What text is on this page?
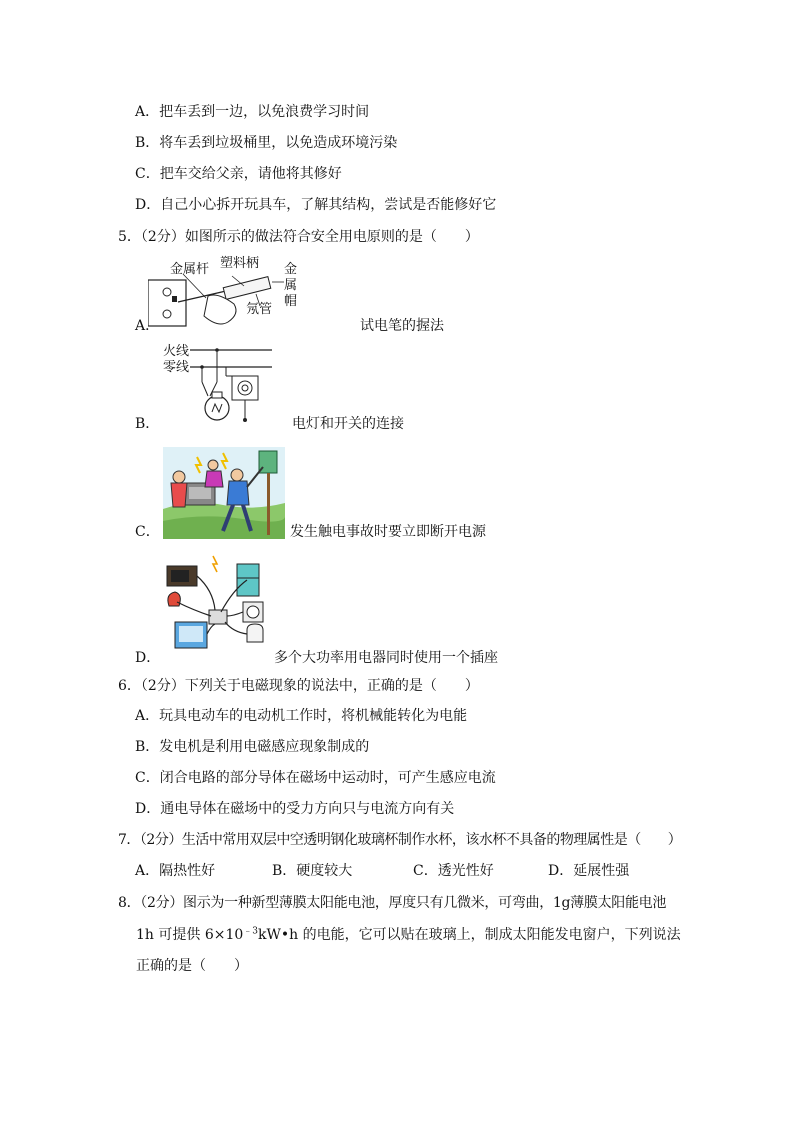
A．把车丢到一边，以免浪费学习时间
B．将车丢到垃圾桶里，以免造成环境污染
C．把车交给父亲，请他将其修好
D．自己小心拆开玩具车，了解其结构，尝试是否能修好它
5．（2分）如图所示的做法符合安全用电原则的是（　　）
金属杆 塑料柄 金
属
帽
氖管
A．	试电笔的握法
火线
零线
B．	电灯和开关的连接
C．	发生触电事故时要立即断开电源
D．	多个大功率用电器同时使用一个插座
6．（2分）下列关于电磁现象的说法中，正确的是（　　）
A．玩具电动车的电动机工作时，将机械能转化为电能
B．发电机是利用电磁感应现象制成的
C．闭合电路的部分导体在磁场中运动时，可产生感应电流
D．通电导体在磁场中的受力方向只与电流方向有关
7．（2分）生活中常用双层中空透明钢化玻璃杯制作水杯，该水杯不具备的物理属性是（　　）
A．隔热性好	B．硬度较大	C．透光性好	D．延展性强
8．（2分）图示为一种新型薄膜太阳能电池，厚度只有几微米，可弯曲，1g薄膜太阳能电池
1h 可提供 $6\times 10^{﹣3}kW•h$ 的电能，它可以贴在玻璃上，制成太阳能发电窗户，下列说法
正确的是（　　）
